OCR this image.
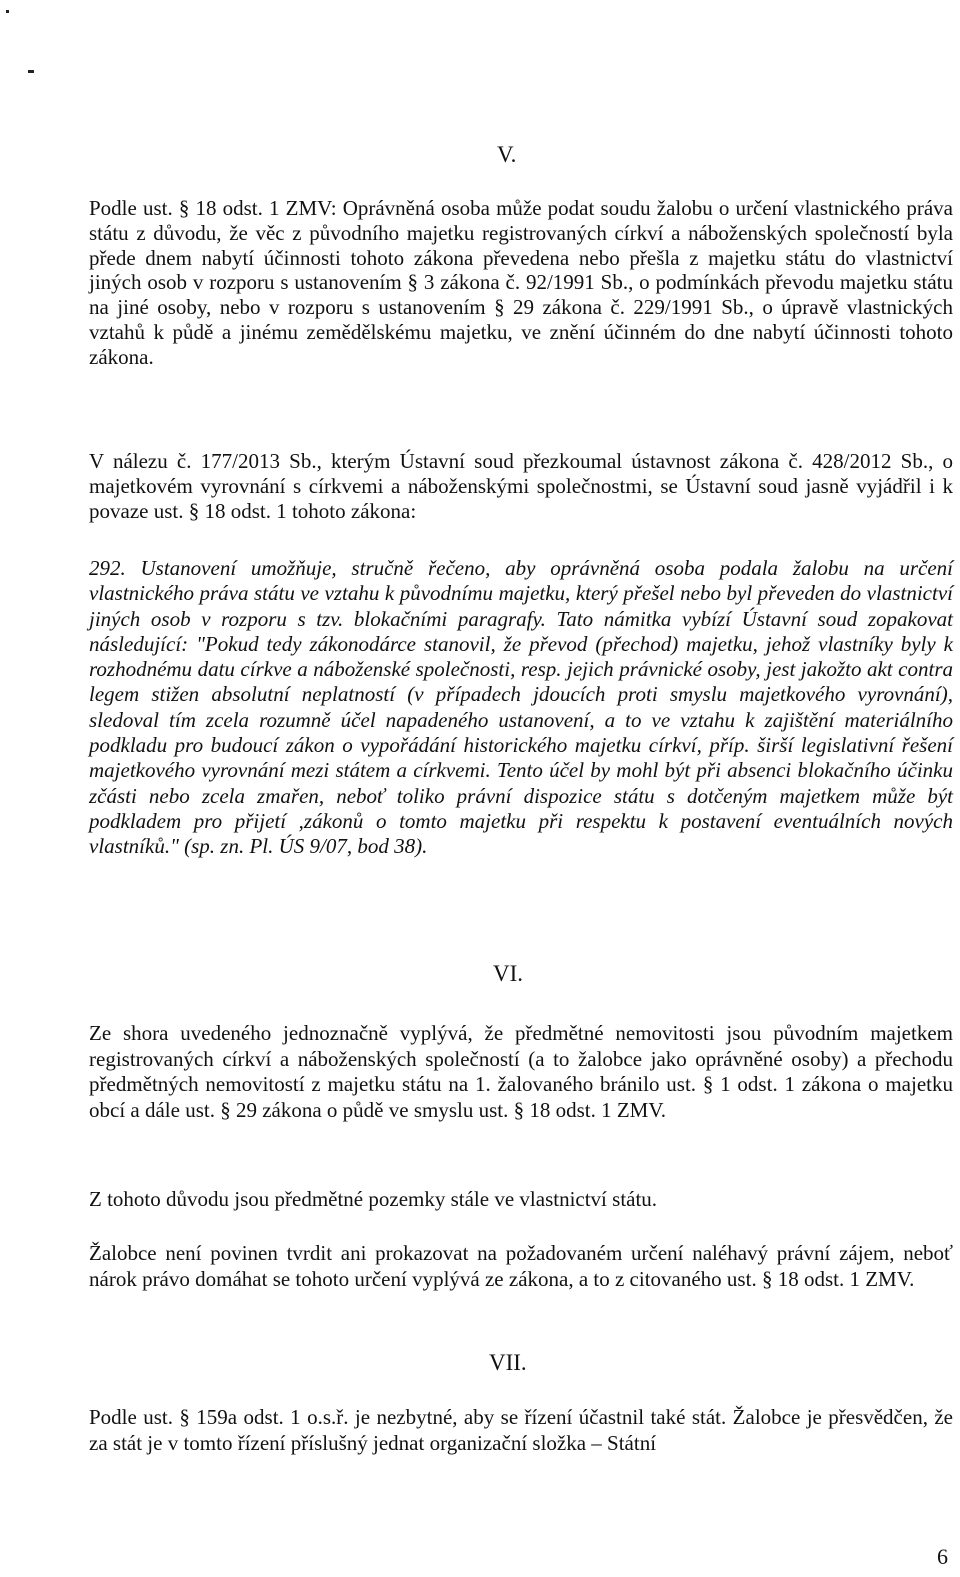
V.

Podle ust. § 18 odst. 1 ZMV: Oprávněná osoba může podat soudu žalobu o určení vlastnického práva státu z důvodu, že věc z původního majetku registrovaných církví a náboženských společností byla přede dnem nabytí účinnosti tohoto zákona převedena nebo přešla z majetku státu do vlastnictví jiných osob v rozporu s ustanovením § 3 zákona č. 92/1991 Sb., o podmínkách převodu majetku státu na jiné osoby, nebo v rozporu s ustanovením § 29 zákona č. 229/1991 Sb., o úpravě vlastnických vztahů k půdě a jinému zemědělskému majetku, ve znění účinném do dne nabytí účinnosti tohoto zákona.

V nálezu č. 177/2013 Sb., kterým Ústavní soud přezkoumal ústavnost zákona č. 428/2012 Sb., o majetkovém vyrovnání s církvemi a náboženskými společnostmi, se Ústavní soud jasně vyjádřil i k povaze ust. § 18 odst. 1 tohoto zákona:

292. Ustanovení umožňuje, stručně řečeno, aby oprávněná osoba podala žalobu na určení vlastnického práva státu ve vztahu k původnímu majetku, který přešel nebo byl převeden do vlastnictví jiných osob v rozporu s tzv. blokačními paragrafy. Tato námitka vybízí Ústavní soud zopakovat následující: "Pokud tedy zákonodárce stanovil, že převod (přechod) majetku, jehož vlastníky byly k rozhodnému datu církve a náboženské společnosti, resp. jejich právnické osoby, jest jakožto akt contra legem stižen absolutní neplatností (v případech jdoucích proti smyslu majetkového vyrovnání), sledoval tím zcela rozumně účel napadeného ustanovení, a to ve vztahu k zajištění materiálního podkladu pro budoucí zákon o vypořádání historického majetku církví, příp. širší legislativní řešení majetkového vyrovnání mezi státem a církvemi. Tento účel by mohl být při absenci blokačního účinku zčásti nebo zcela zmařen, neboť toliko právní dispozice státu s dotčeným majetkem může být podkladem pro přijetí ,zákonů o tomto majetku při respektu k postavení eventuálních nových vlastníků." (sp. zn. Pl. ÚS 9/07, bod 38).

VI.

Ze shora uvedeného jednoznačně vyplývá, že předmětné nemovitosti jsou původním majetkem registrovaných církví a náboženských společností (a to žalobce jako oprávněné osoby) a přechodu předmětných nemovitostí z majetku státu na 1. žalovaného bránilo ust. § 1 odst. 1 zákona o majetku obcí a dále ust. § 29 zákona o půdě ve smyslu ust. § 18 odst. 1 ZMV.

Z tohoto důvodu jsou předmětné pozemky stále ve vlastnictví státu.

Žalobce není povinen tvrdit ani prokazovat na požadovaném určení naléhavý právní zájem, neboť nárok právo domáhat se tohoto určení vyplývá ze zákona, a to z citovaného ust. § 18 odst. 1 ZMV.

VII.

Podle ust. § 159a odst. 1 o.s.ř. je nezbytné, aby se řízení účastnil také stát. Žalobce je přesvědčen, že za stát je v tomto řízení příslušný jednat organizační složka – Státní

6
